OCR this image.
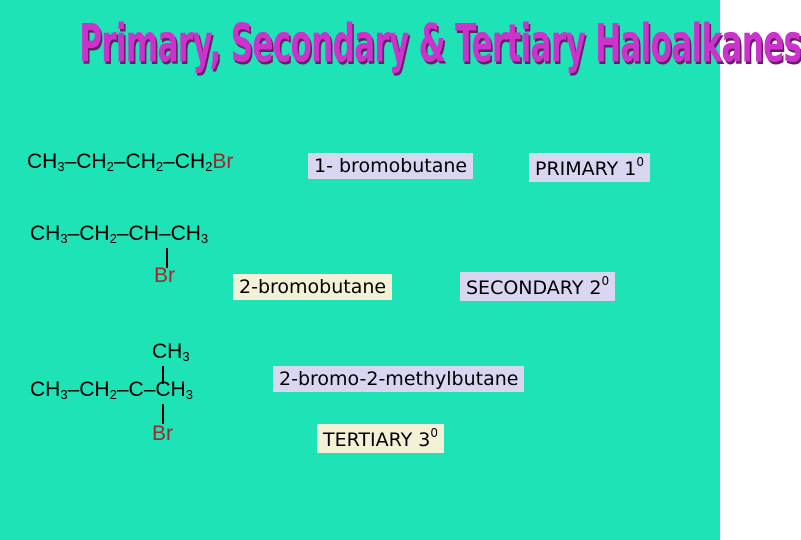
Primary, Secondary & Tertiary Haloalkanes
$CH_3-CH_2-CH_2-CH_2Br$	1- bromobutane	PRIMARY $1^0$
$CH_3-CH_2-CH-CH_3$
Br	2-bromobutane	SECONDARY $2^0$
$CH_3$
$CH_3-CH_2-C-CH_3$
Br
2-bromo-2-methylbutane
TERTIARY $3^0$
